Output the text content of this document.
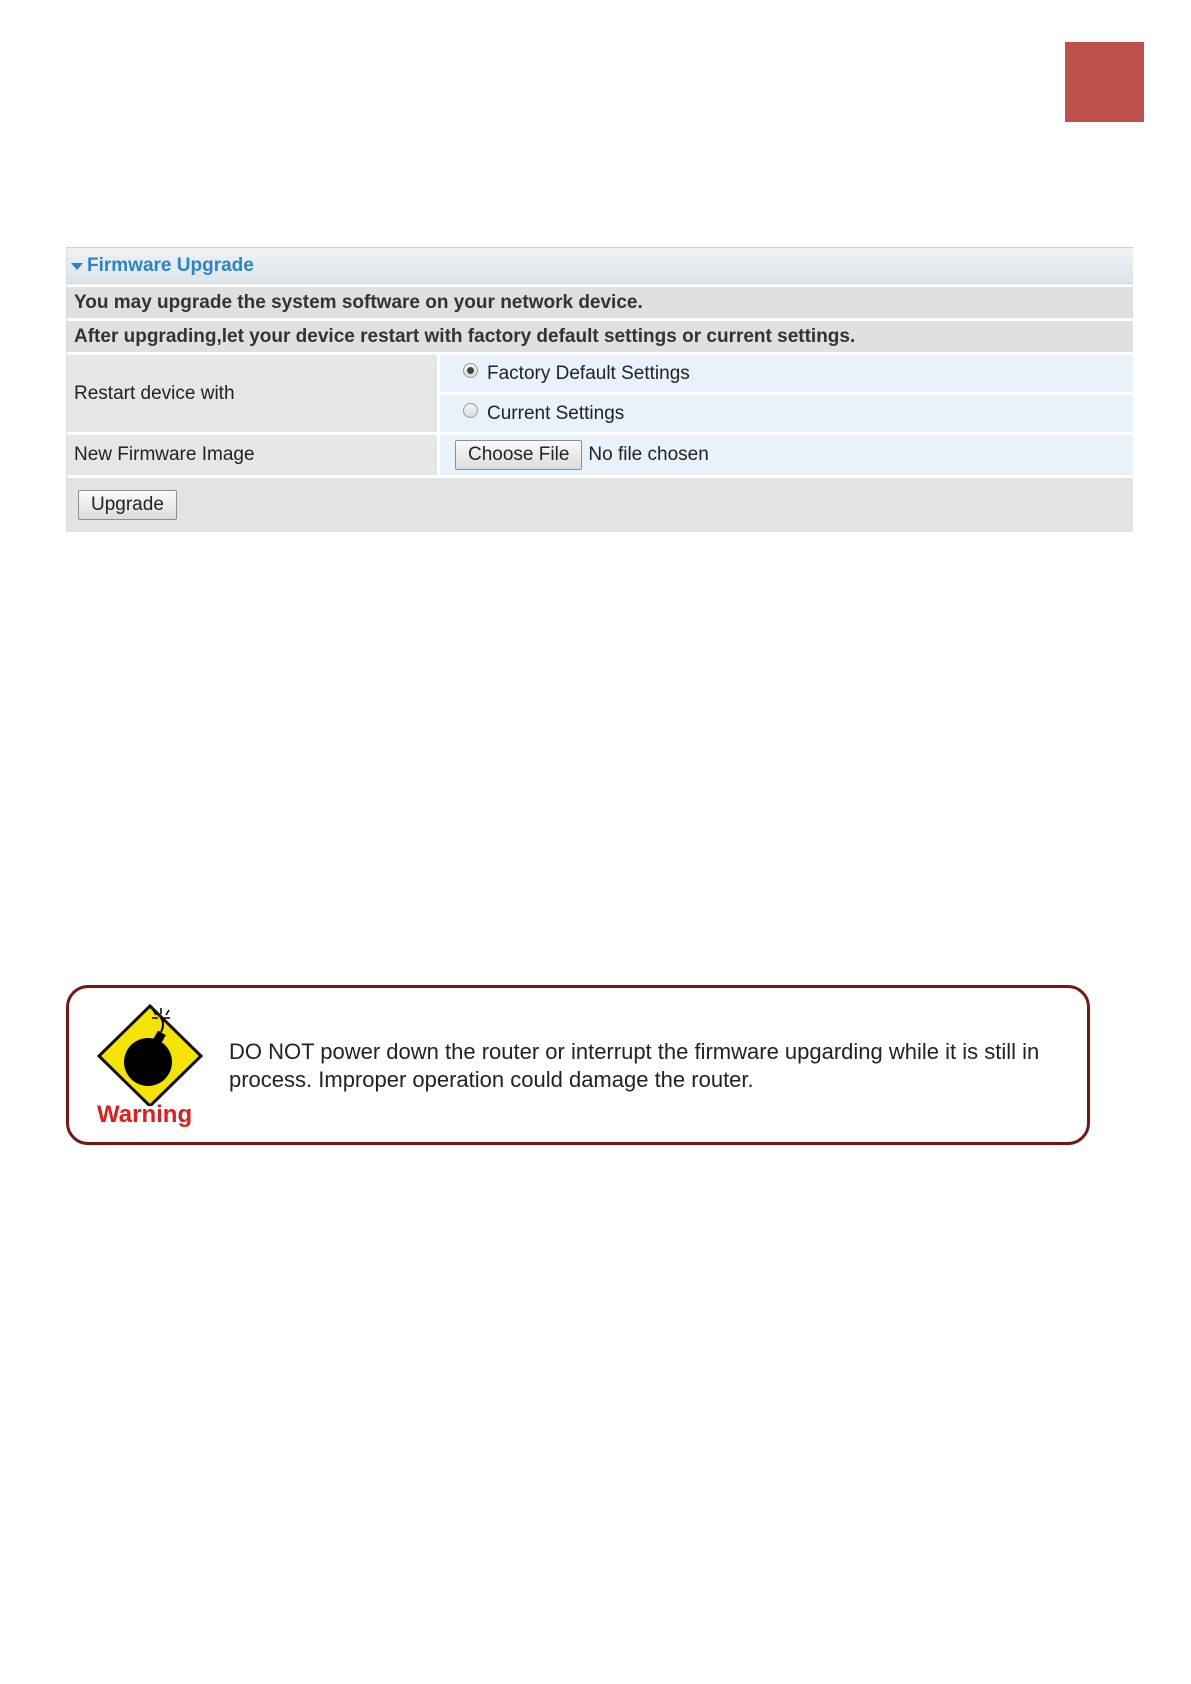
Firmware Upgrade
You may upgrade the system software on your network device.
After upgrading,let your device restart with factory default settings or current settings.
Restart device with
Factory Default Settings
Current Settings
New Firmware Image	Choose File	No file chosen
Upgrade
Warning
DO NOT power down the router or interrupt the firmware upgarding while it is still in process. Improper operation could damage the router.
